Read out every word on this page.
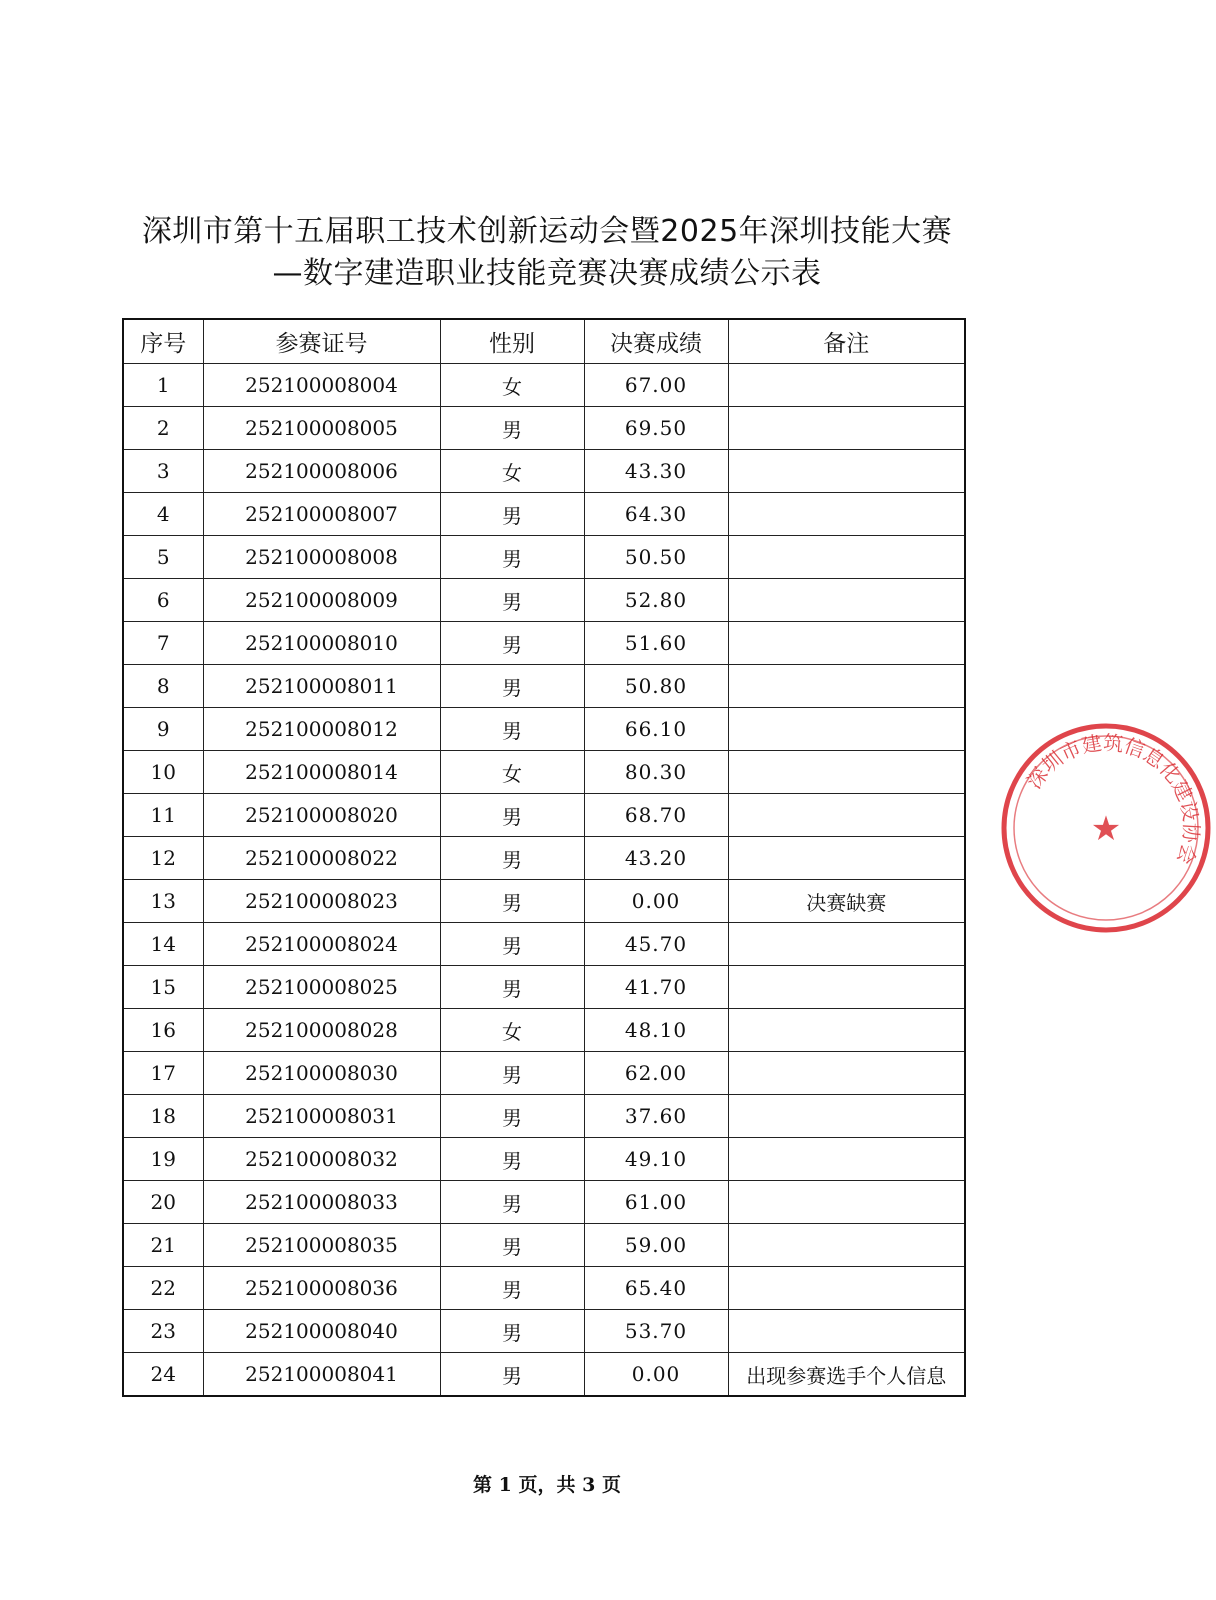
深圳市第十五届职工技术创新运动会暨2025年深圳技能大赛
—数字建造职业技能竞赛决赛成绩公示表
序号	参赛证号	性别	决赛成绩	备注
1	252100008004	女	67.00	
2	252100008005	男	69.50	
3	252100008006	女	43.30	
4	252100008007	男	64.30	
5	252100008008	男	50.50	
6	252100008009	男	52.80	
7	252100008010	男	51.60	
8	252100008011	男	50.80	
9	252100008012	男	66.10	
10	252100008014	女	80.30	
11	252100008020	男	68.70	
12	252100008022	男	43.20	
13	252100008023	男	0.00	决赛缺赛
14	252100008024	男	45.70	
15	252100008025	男	41.70	
16	252100008028	女	48.10	
17	252100008030	男	62.00	
18	252100008031	男	37.60	
19	252100008032	男	49.10	
20	252100008033	男	61.00	
21	252100008035	男	59.00	
22	252100008036	男	65.40	
23	252100008040	男	53.70	
24	252100008041	男	0.00	出现参赛选手个人信息
第 1 页，共 3 页
深圳市建筑信息化建设协会
★
